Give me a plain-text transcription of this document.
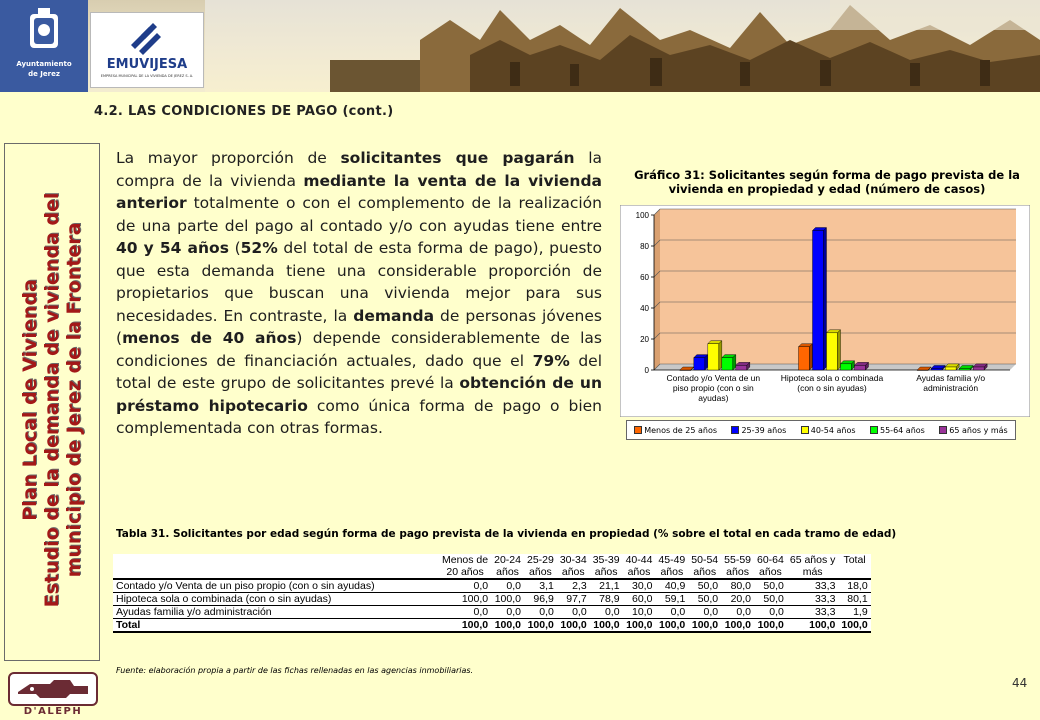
Ayuntamiento
de Jerez
EMUVIJESA
EMPRESA MUNICIPAL DE LA VIVIENDA DE JEREZ S. A.
4.2. LAS CONDICIONES DE PAGO (cont.)
Plan Local de Vivienda Estudio de la demanda de vivienda del municipio de Jerez de la Frontera
La mayor proporción de solicitantes que pagarán la compra de la vivienda mediante la venta de la vivienda anterior totalmente o con el complemento de la realización de una parte del pago al contado y/o con ayudas tiene entre 40 y 54 años (52% del total de esta forma de pago), puesto que esta demanda tiene una considerable proporción de propietarios que buscan una vivienda mejor para sus necesidades. En contraste, la demanda de personas jóvenes (menos de 40 años) depende considerablemente de las condiciones de financiación actuales, dado que el 79% del total de este grupo de solicitantes prevé la obtención de un préstamo hipotecario como única forma de pago o bien complementada con otras formas.
Gráfico 31: Solicitantes según forma de pago prevista de la vivienda en propiedad y edad (número de casos)
0
20
40
60
80
100
Contado y/o Venta de un piso propio (con o sin ayudas)
Hipoteca sola o combinada (con o sin ayudas)
Ayudas familia y/o administración
Menos de 25 años	25-39 años	40-54 años	55-64 años	65 años y más
Tabla 31. Solicitantes por edad según forma de pago prevista de la vivienda en propiedad (% sobre el total en cada tramo de edad)
	Menos de	20-24	25-29	30-34	35-39	40-44	45-49	50-54	55-59	60-64	65 años y	Total
	20 años	años	años	años	años	años	años	años	años	años	más	
Contado y/o Venta de un piso propio (con o sin ayudas)	0,0	0,0	3,1	2,3	21,1	30,0	40,9	50,0	80,0	50,0	33,3	18,0
Hipoteca sola o combinada (con o sin ayudas)	100,0	100,0	96,9	97,7	78,9	60,0	59,1	50,0	20,0	50,0	33,3	80,1
Ayudas familia y/o administración	0,0	0,0	0,0	0,0	0,0	10,0	0,0	0,0	0,0	0,0	33,3	1,9
Total	100,0	100,0	100,0	100,0	100,0	100,0	100,0	100,0	100,0	100,0	100,0	100,0
Fuente: elaboración propia a partir de las fichas rellenadas en las agencias inmobiliarias.
44
D'ALEPH
